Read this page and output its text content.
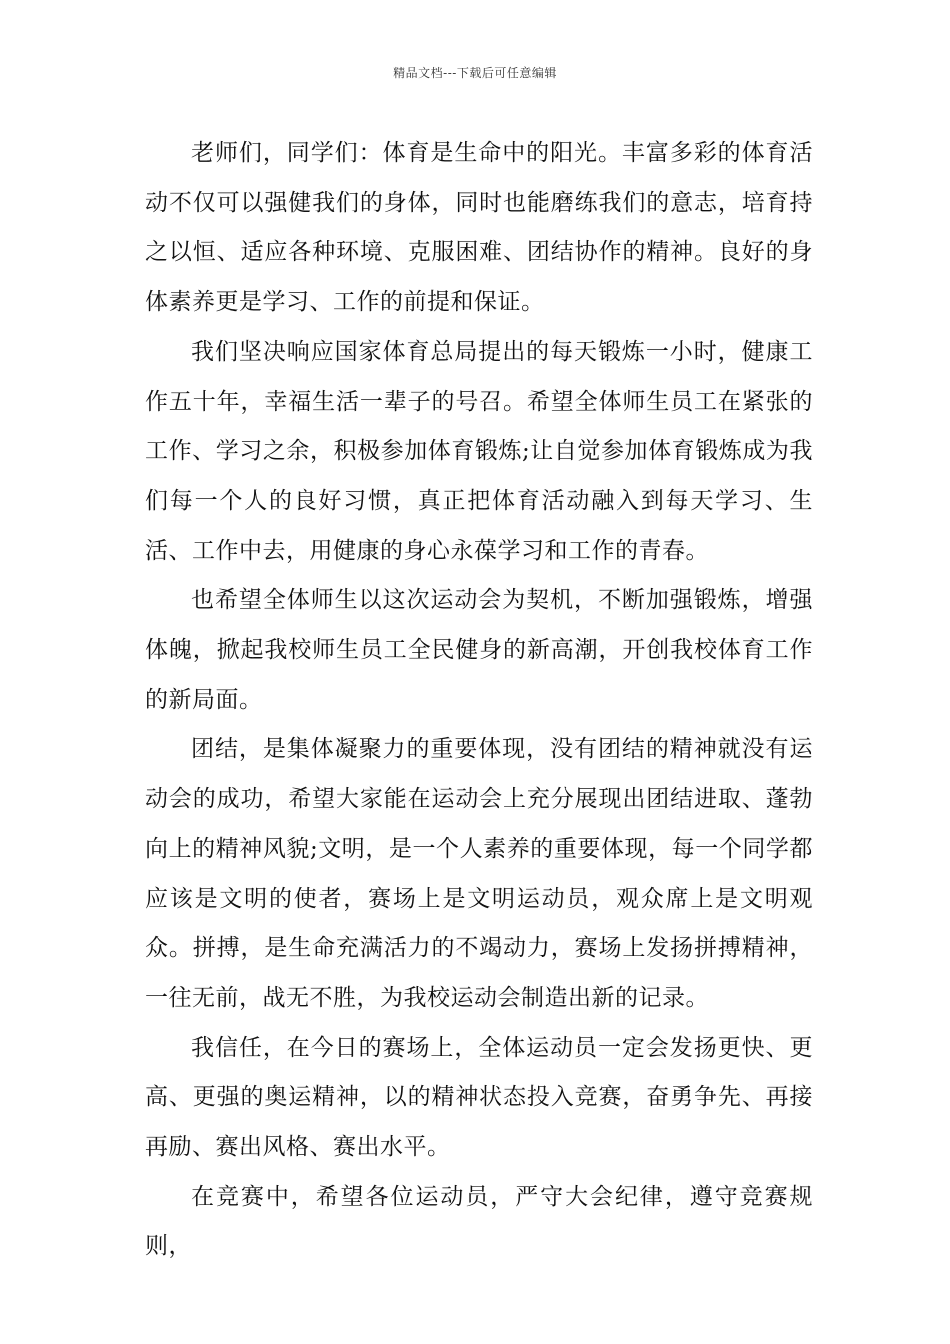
精品文档---下载后可任意编辑

老师们，同学们：体育是生命中的阳光。丰富多彩的体育活动不仅可以强健我们的身体，同时也能磨练我们的意志，培育持之以恒、适应各种环境、克服困难、团结协作的精神。良好的身体素养更是学习、工作的前提和保证。

我们坚决响应国家体育总局提出的每天锻炼一小时，健康工作五十年，幸福生活一辈子的号召。希望全体师生员工在紧张的工作、学习之余，积极参加体育锻炼;让自觉参加体育锻炼成为我们每一个人的良好习惯，真正把体育活动融入到每天学习、生活、工作中去，用健康的身心永葆学习和工作的青春。

也希望全体师生以这次运动会为契机，不断加强锻炼，增强体魄，掀起我校师生员工全民健身的新高潮，开创我校体育工作的新局面。

团结，是集体凝聚力的重要体现，没有团结的精神就没有运动会的成功，希望大家能在运动会上充分展现出团结进取、蓬勃向上的精神风貌;文明，是一个人素养的重要体现，每一个同学都应该是文明的使者，赛场上是文明运动员，观众席上是文明观众。拼搏，是生命充满活力的不竭动力，赛场上发扬拼搏精神，一往无前，战无不胜，为我校运动会制造出新的记录。

我信任，在今日的赛场上，全体运动员一定会发扬更快、更高、更强的奥运精神，以的精神状态投入竞赛，奋勇争先、再接再励、赛出风格、赛出水平。

在竞赛中，希望各位运动员，严守大会纪律，遵守竞赛规则，
